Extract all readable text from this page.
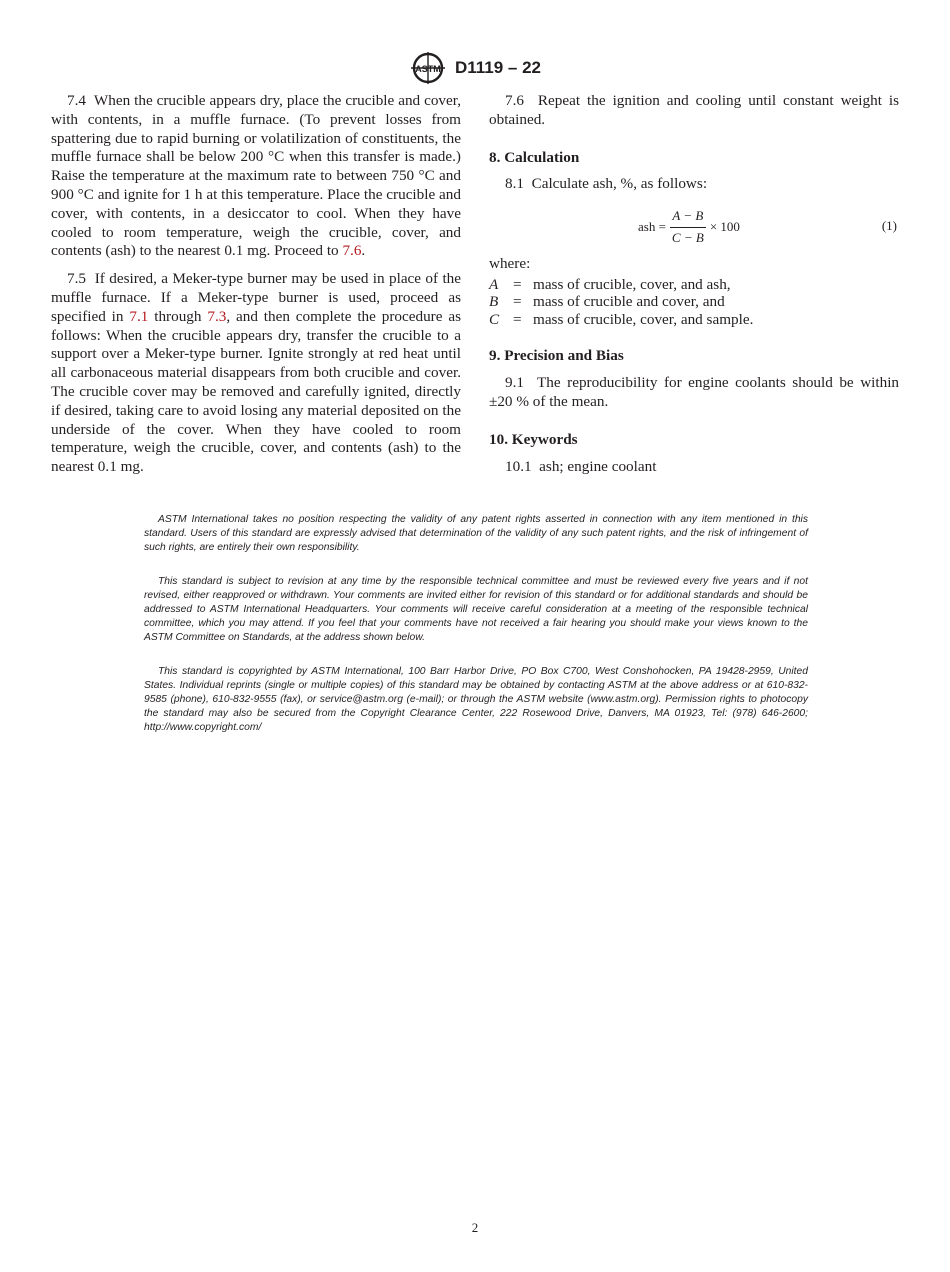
ASTM D1119 – 22

7.4 When the crucible appears dry, place the crucible and cover, with contents, in a muffle furnace. (To prevent losses from spattering due to rapid burning or volatilization of constituents, the muffle furnace shall be below 200 °C when this transfer is made.) Raise the temperature at the maximum rate to between 750 °C and 900 °C and ignite for 1 h at this temperature. Place the crucible and cover, with contents, in a desiccator to cool. When they have cooled to room temperature, weigh the crucible, cover, and contents (ash) to the nearest 0.1 mg. Proceed to 7.6.

7.5 If desired, a Meker-type burner may be used in place of the muffle furnace. If a Meker-type burner is used, proceed as specified in 7.1 through 7.3, and then complete the procedure as follows: When the crucible appears dry, transfer the crucible to a support over a Meker-type burner. Ignite strongly at red heat until all carbonaceous material disappears from both crucible and cover. The crucible cover may be removed and carefully ignited, directly if desired, taking care to avoid losing any material deposited on the underside of the cover. When they have cooled to room temperature, weigh the crucible, cover, and contents (ash) to the nearest 0.1 mg.

7.6 Repeat the ignition and cooling until constant weight is obtained.

8. Calculation

8.1 Calculate ash, %, as follows:

ash = $\frac{A - B}{C - B} \times 100$	(1)

where:

A = mass of crucible, cover, and ash,
B = mass of crucible and cover, and
C = mass of crucible, cover, and sample.
9. Precision and Bias

9.1 The reproducibility for engine coolants should be within ±20 % of the mean.

10. Keywords

10.1 ash; engine coolant

ASTM International takes no position respecting the validity of any patent rights asserted in connection with any item mentioned in this standard. Users of this standard are expressly advised that determination of the validity of any such patent rights, and the risk of infringement of such rights, are entirely their own responsibility.

This standard is subject to revision at any time by the responsible technical committee and must be reviewed every five years and if not revised, either reapproved or withdrawn. Your comments are invited either for revision of this standard or for additional standards and should be addressed to ASTM International Headquarters. Your comments will receive careful consideration at a meeting of the responsible technical committee, which you may attend. If you feel that your comments have not received a fair hearing you should make your views known to the ASTM Committee on Standards, at the address shown below.

This standard is copyrighted by ASTM International, 100 Barr Harbor Drive, PO Box C700, West Conshohocken, PA 19428-2959, United States. Individual reprints (single or multiple copies) of this standard may be obtained by contacting ASTM at the above address or at 610-832-9585 (phone), 610-832-9555 (fax), or service@astm.org (e-mail); or through the ASTM website (www.astm.org). Permission rights to photocopy the standard may also be secured from the Copyright Clearance Center, 222 Rosewood Drive, Danvers, MA 01923, Tel: (978) 646-2600; http://www.copyright.com/

2
